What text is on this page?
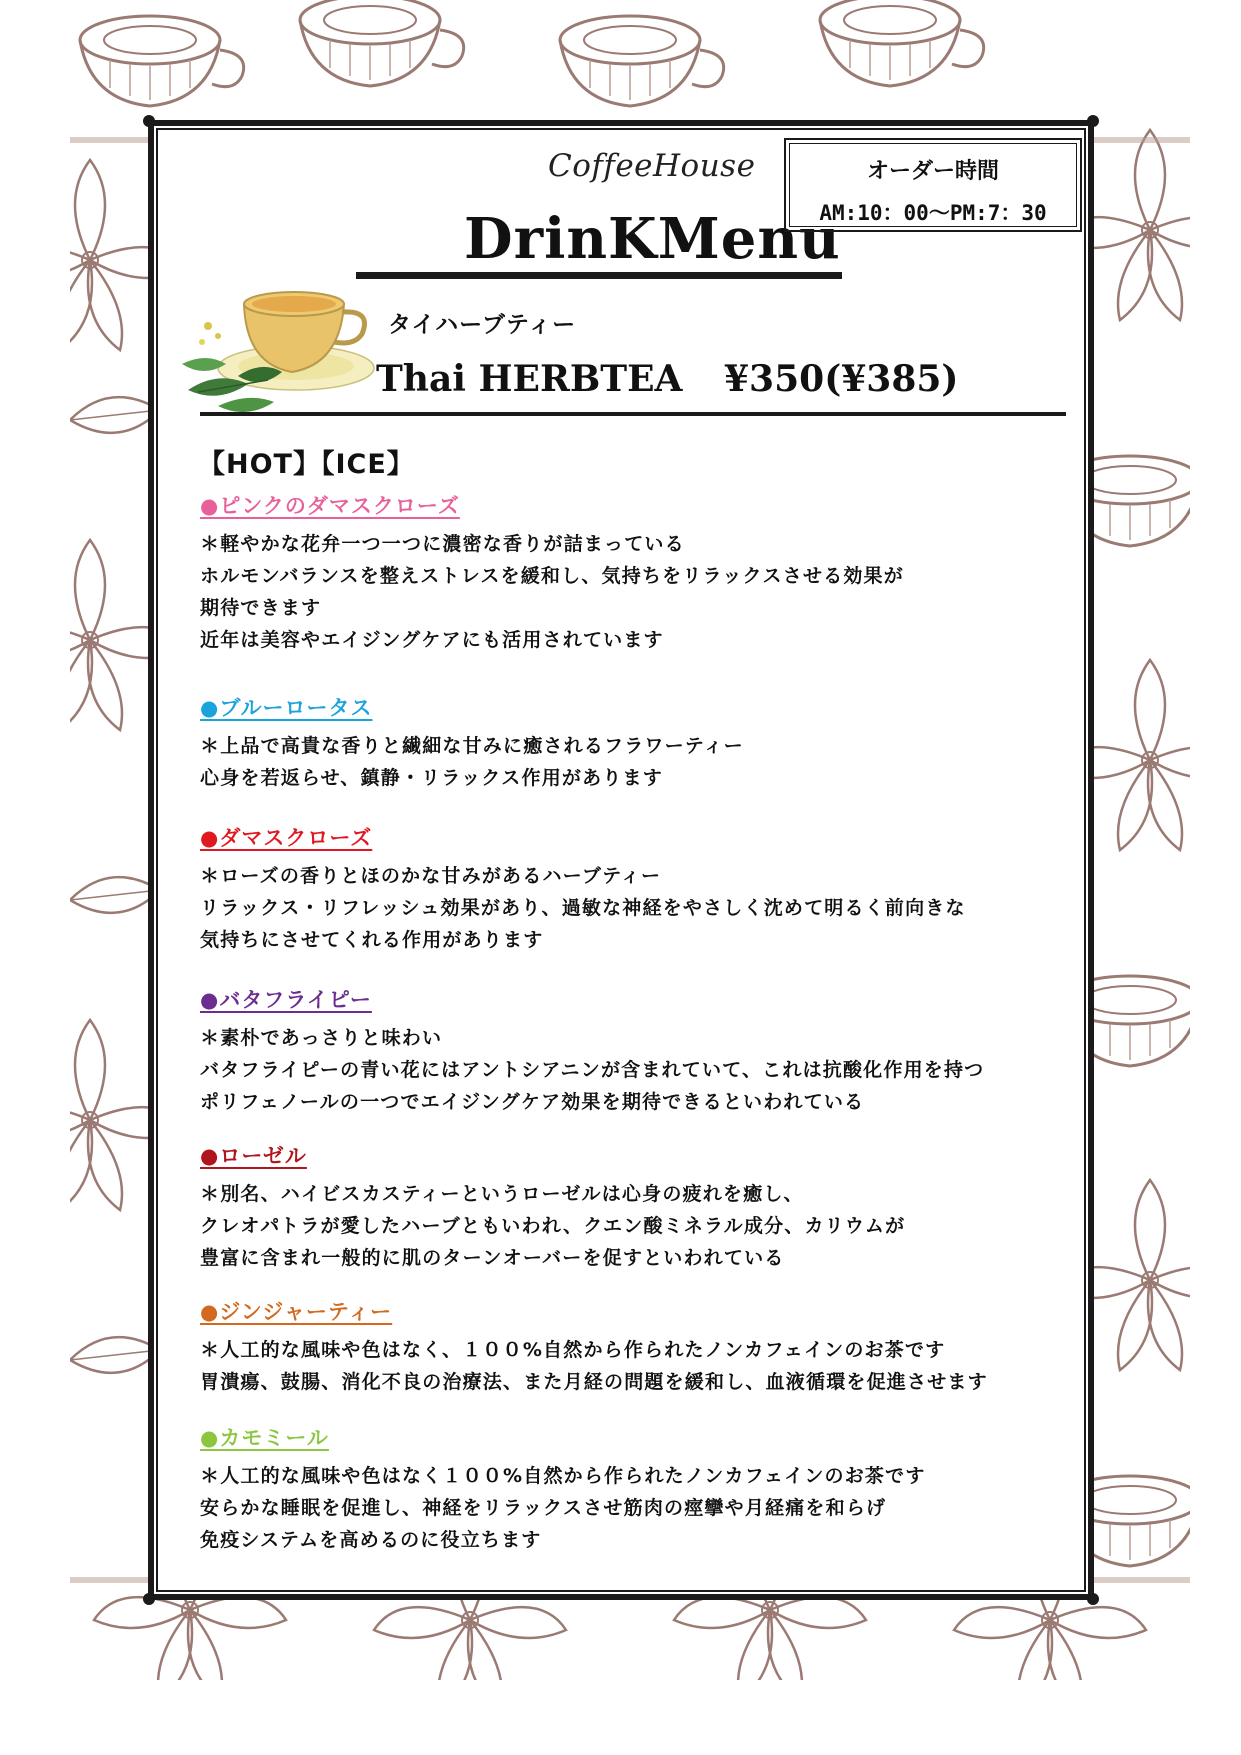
CoffeeHouse
DrinKMenu
オーダー時間
AM:10：00〜PM:7：30
タイハーブティー
Thai HERBTEA ¥350(¥385)
【HOT】【ICE】
●ピンクのダマスクローズ
＊軽やかな花弁一つ一つに濃密な香りが詰まっている
ホルモンバランスを整えストレスを緩和し、気持ちをリラックスさせる効果が
期待できます
近年は美容やエイジングケアにも活用されています
●ブルーロータス
＊上品で高貴な香りと繊細な甘みに癒されるフラワーティー
心身を若返らせ、鎮静・リラックス作用があります
●ダマスクローズ
＊ローズの香りとほのかな甘みがあるハーブティー
リラックス・リフレッシュ効果があり、過敏な神経をやさしく沈めて明るく前向きな
気持ちにさせてくれる作用があります
●バタフライピー
＊素朴であっさりと味わい
バタフライピーの青い花にはアントシアニンが含まれていて、これは抗酸化作用を持つ
ポリフェノールの一つでエイジングケア効果を期待できるといわれている
●ローゼル
＊別名、ハイビスカスティーというローゼルは心身の疲れを癒し、
クレオパトラが愛したハーブともいわれ、クエン酸ミネラル成分、カリウムが
豊富に含まれ一般的に肌のターンオーバーを促すといわれている
●ジンジャーティー
＊人工的な風味や色はなく、１００%自然から作られたノンカフェインのお茶です
胃潰瘍、鼓腸、消化不良の治療法、また月経の問題を緩和し、血液循環を促進させます
●カモミール
＊人工的な風味や色はなく１００%自然から作られたノンカフェインのお茶です
安らかな睡眠を促進し、神経をリラックスさせ筋肉の痙攣や月経痛を和らげ
免疫システムを高めるのに役立ちます
